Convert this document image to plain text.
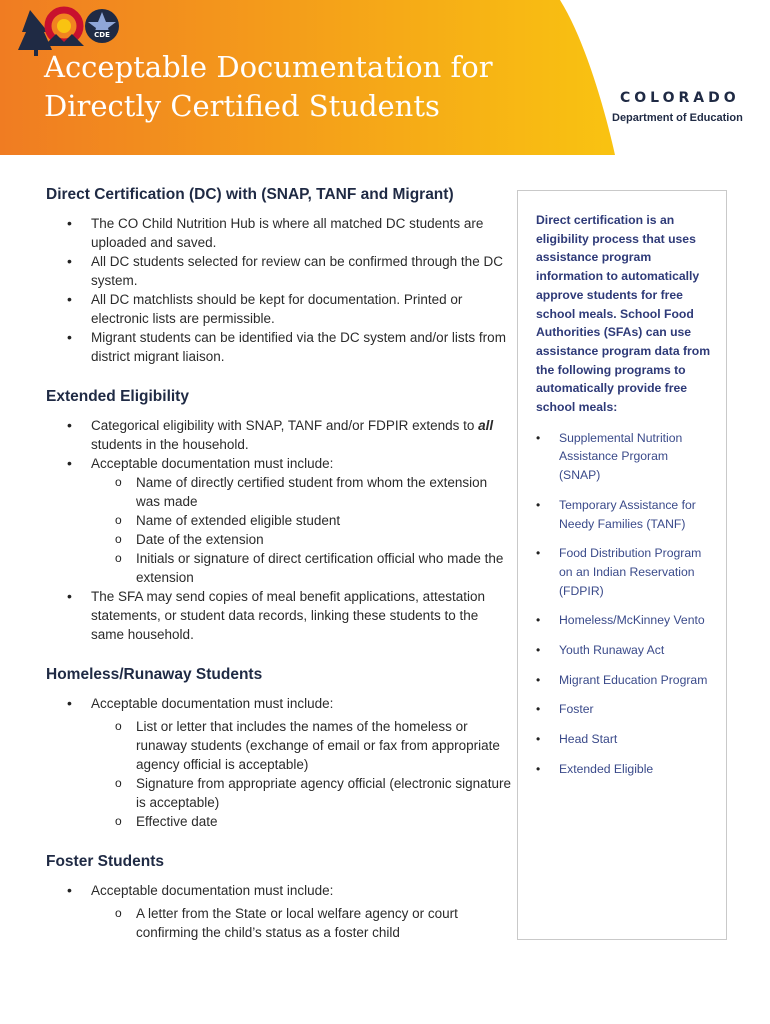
Acceptable Documentation for
Directly Certified Students
CDE
COLORADO
Department of Education
Direct Certification (DC) with (SNAP, TANF and Migrant)
• The CO Child Nutrition Hub is where all matched DC students are uploaded and saved.
• All DC students selected for review can be confirmed through the DC system.
• All DC matchlists should be kept for documentation. Printed or electronic lists are permissible.
• Migrant students can be identified via the DC system and/or lists from district migrant liaison.
Extended Eligibility
• Categorical eligibility with SNAP, TANF and/or FDPIR extends to all students in the household.
• Acceptable documentation must include:
o Name of directly certified student from whom the extension was made
o Name of extended eligible student
o Date of the extension
o Initials or signature of direct certification official who made the extension
• The SFA may send copies of meal benefit applications, attestation statements, or student data records, linking these students to the same household.
Homeless/Runaway Students
• Acceptable documentation must include:
o List or letter that includes the names of the homeless or runaway students (exchange of email or fax from appropriate agency official is acceptable)
o Signature from appropriate agency official (electronic signature is acceptable)
o Effective date
Foster Students
• Acceptable documentation must include:
o A letter from the State or local welfare agency or court confirming the child’s status as a foster child

Direct certification is an eligibility process that uses assistance program information to automatically approve students for free school meals. School Food Authorities (SFAs) can use assistance program data from the following programs to automatically provide free school meals:

• Supplemental Nutrition Assistance Prgoram (SNAP)
• Temporary Assistance for Needy Families (TANF)
• Food Distribution Program on an Indian Reservation (FDPIR)
• Homeless/McKinney Vento
• Youth Runaway Act
• Migrant Education Program
• Foster
• Head Start
• Extended Eligible
